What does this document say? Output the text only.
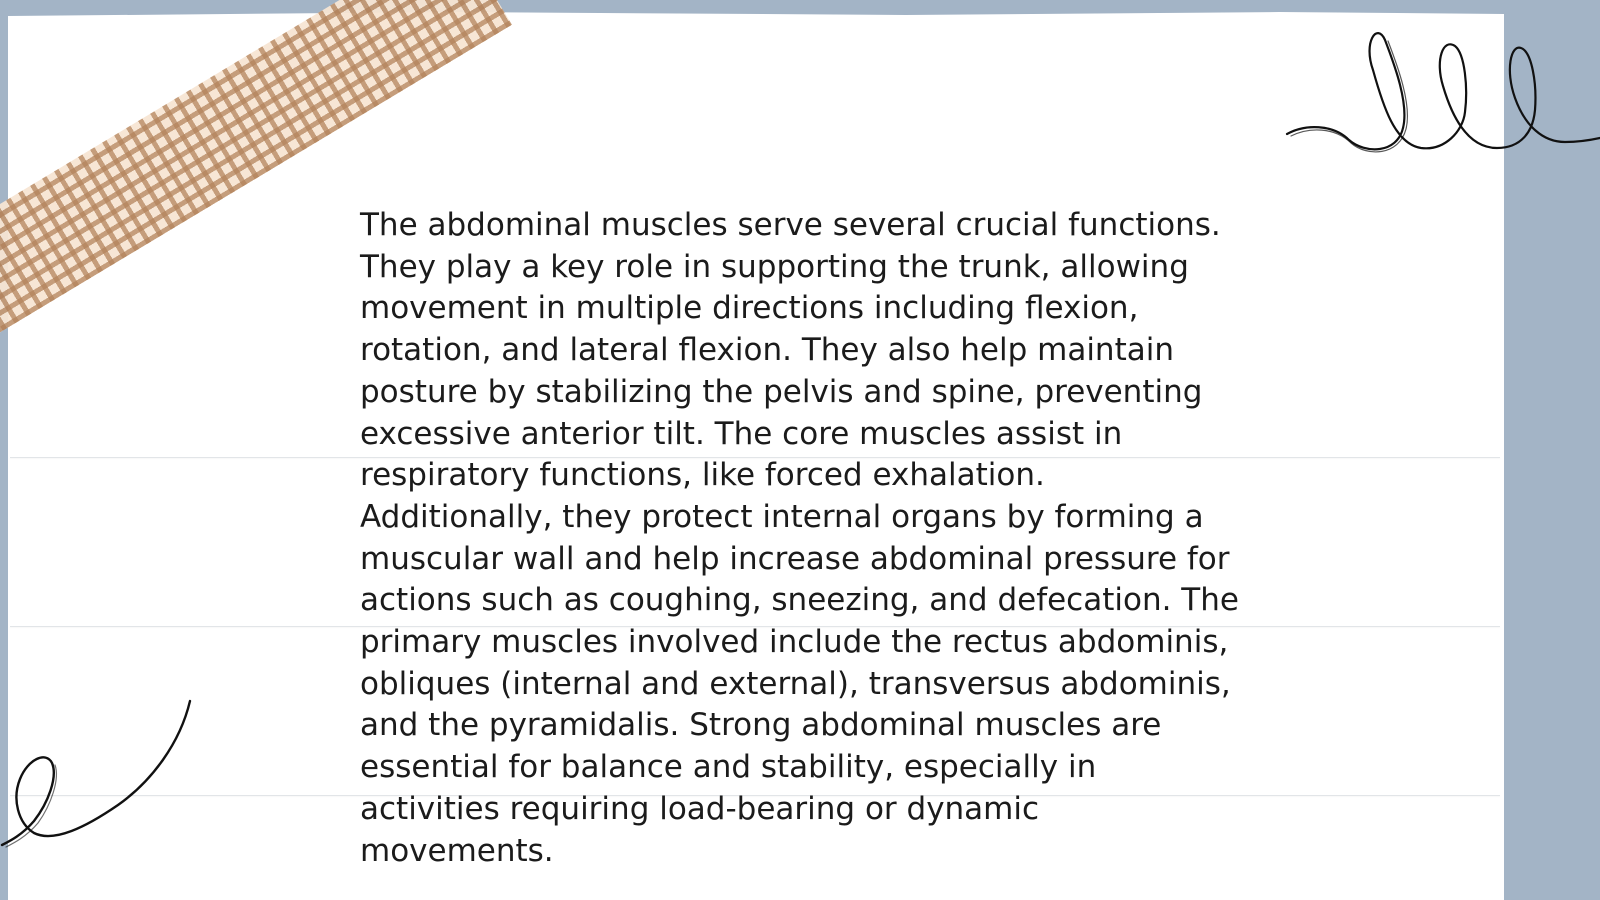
The abdominal muscles serve several crucial functions. They play a key role in supporting the trunk, allowing movement in multiple directions including flexion, rotation, and lateral flexion. They also help maintain posture by stabilizing the pelvis and spine, preventing excessive anterior tilt. The core muscles assist in respiratory functions, like forced exhalation. Additionally, they protect internal organs by forming a muscular wall and help increase abdominal pressure for actions such as coughing, sneezing, and defecation. The primary muscles involved include the rectus abdominis, obliques (internal and external), transversus abdominis, and the pyramidalis. Strong abdominal muscles are essential for balance and stability, especially in activities requiring load-bearing or dynamic movements.
